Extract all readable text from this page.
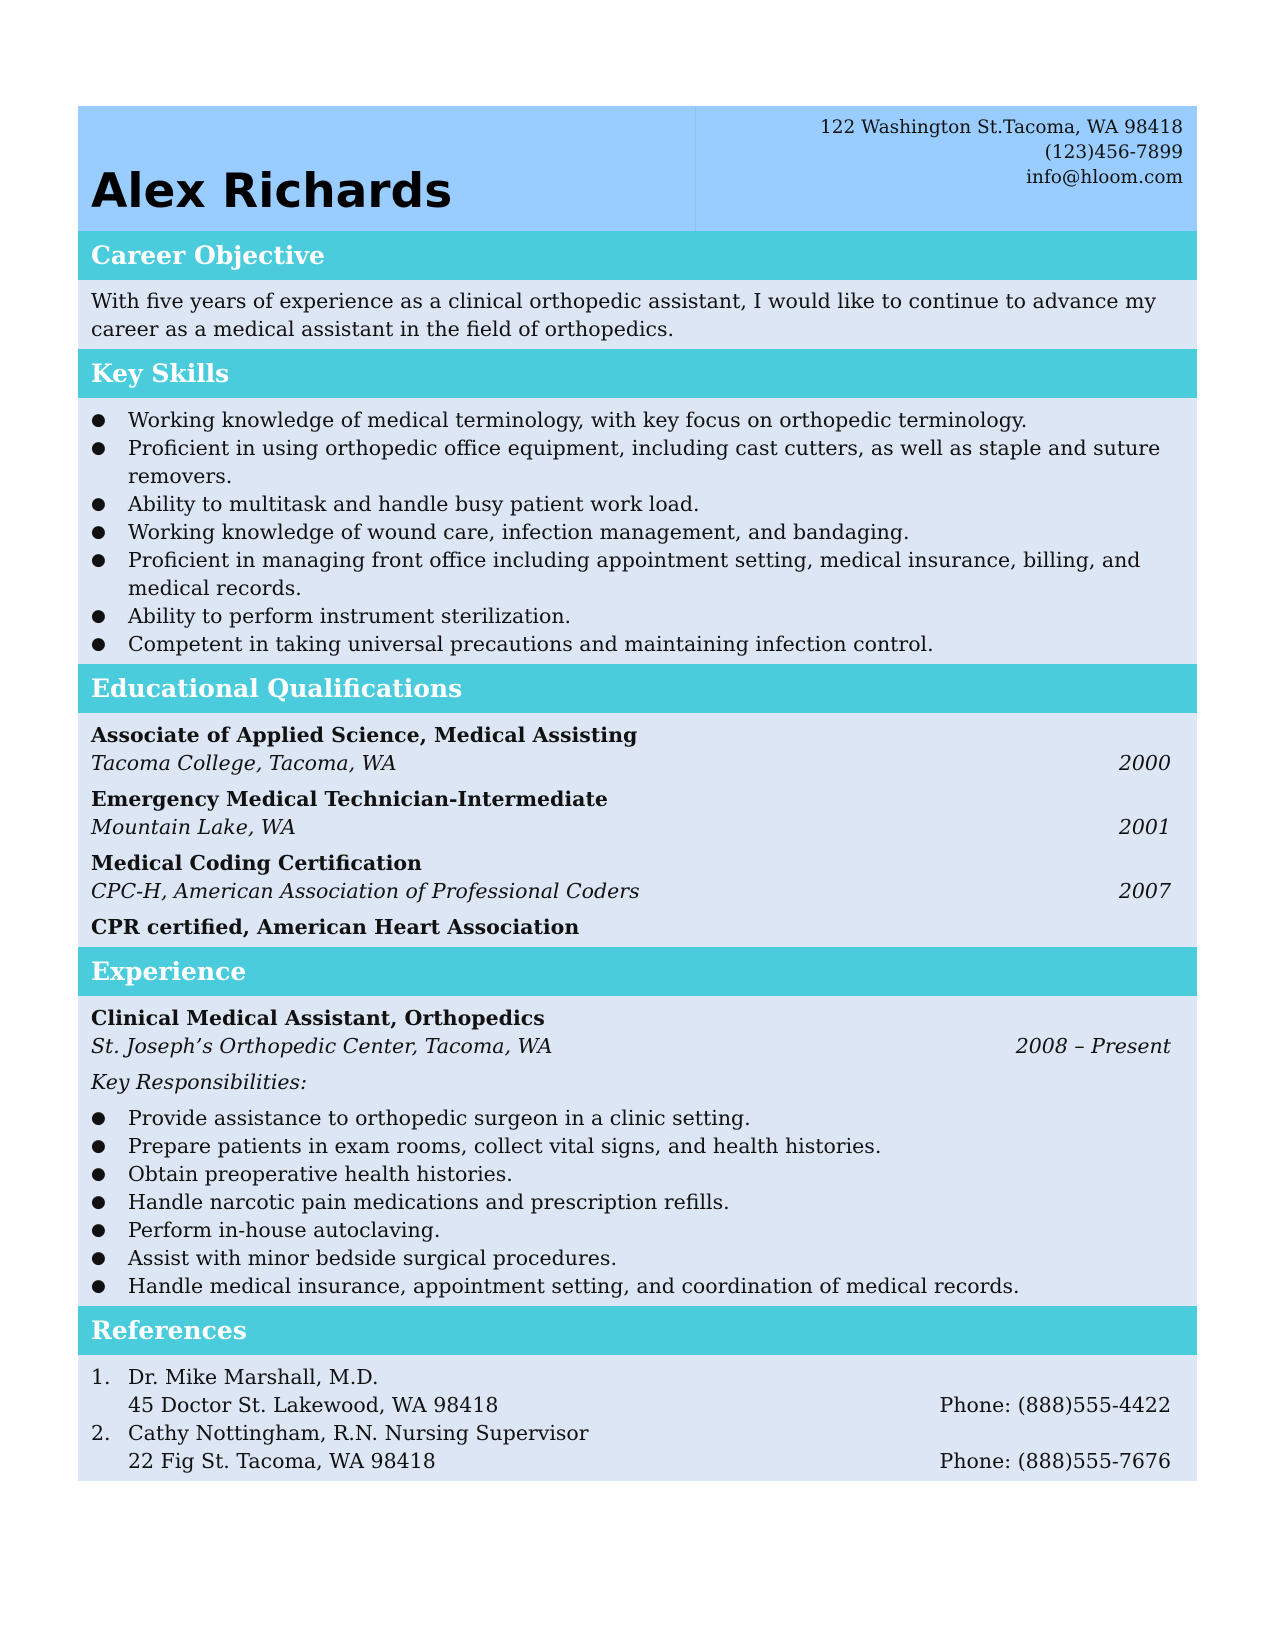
Alex Richards
122 Washington St.Tacoma, WA 98418
(123)456-7899
info@hloom.com
Career Objective
With five years of experience as a clinical orthopedic assistant, I would like to continue to advance my career as a medical assistant in the field of orthopedics.
Key Skills
● Working knowledge of medical terminology, with key focus on orthopedic terminology.
● Proficient in using orthopedic office equipment, including cast cutters, as well as staple and suture removers.
● Ability to multitask and handle busy patient work load.
● Working knowledge of wound care, infection management, and bandaging.
● Proficient in managing front office including appointment setting, medical insurance, billing, and medical records.
● Ability to perform instrument sterilization.
● Competent in taking universal precautions and maintaining infection control.
Educational Qualifications
Associate of Applied Science, Medical Assisting
Tacoma College, Tacoma, WA	2000
Emergency Medical Technician-Intermediate
Mountain Lake, WA	2001
Medical Coding Certification
CPC-H, American Association of Professional Coders	2007
CPR certified, American Heart Association
Experience
Clinical Medical Assistant, Orthopedics
St. Joseph’s Orthopedic Center, Tacoma, WA	2008 – Present
Key Responsibilities:
● Provide assistance to orthopedic surgeon in a clinic setting.
● Prepare patients in exam rooms, collect vital signs, and health histories.
● Obtain preoperative health histories.
● Handle narcotic pain medications and prescription refills.
● Perform in-house autoclaving.
● Assist with minor bedside surgical procedures.
● Handle medical insurance, appointment setting, and coordination of medical records.
References
1. Dr. Mike Marshall, M.D.
45 Doctor St. Lakewood, WA 98418	Phone: (888)555-4422
2. Cathy Nottingham, R.N. Nursing Supervisor
22 Fig St. Tacoma, WA 98418	Phone: (888)555-7676
